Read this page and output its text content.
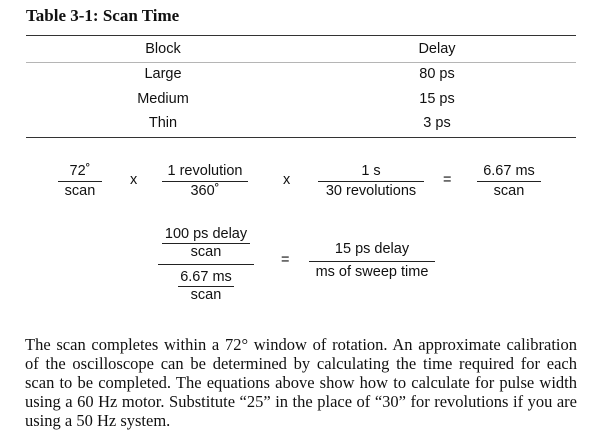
Table 3-1: Scan Time
Block	Delay
Large	80 ps
Medium	15 ps
Thin	3 ps
72˚
scan
x
1 revolution
360˚
x
1 s
30 revolutions
=
6.67 ms
scan
100 ps delay
scan
6.67 ms
scan
=
15 ps delay
ms of sweep time

The scan completes within a 72° window of rotation. An approximate calibration of the oscilloscope can be determined by calculating the time required for each scan to be completed. The equations above show how to calculate for pulse width using a 60 Hz motor. Substitute “25” in the place of “30” for revolutions if you are using a 50 Hz system.
